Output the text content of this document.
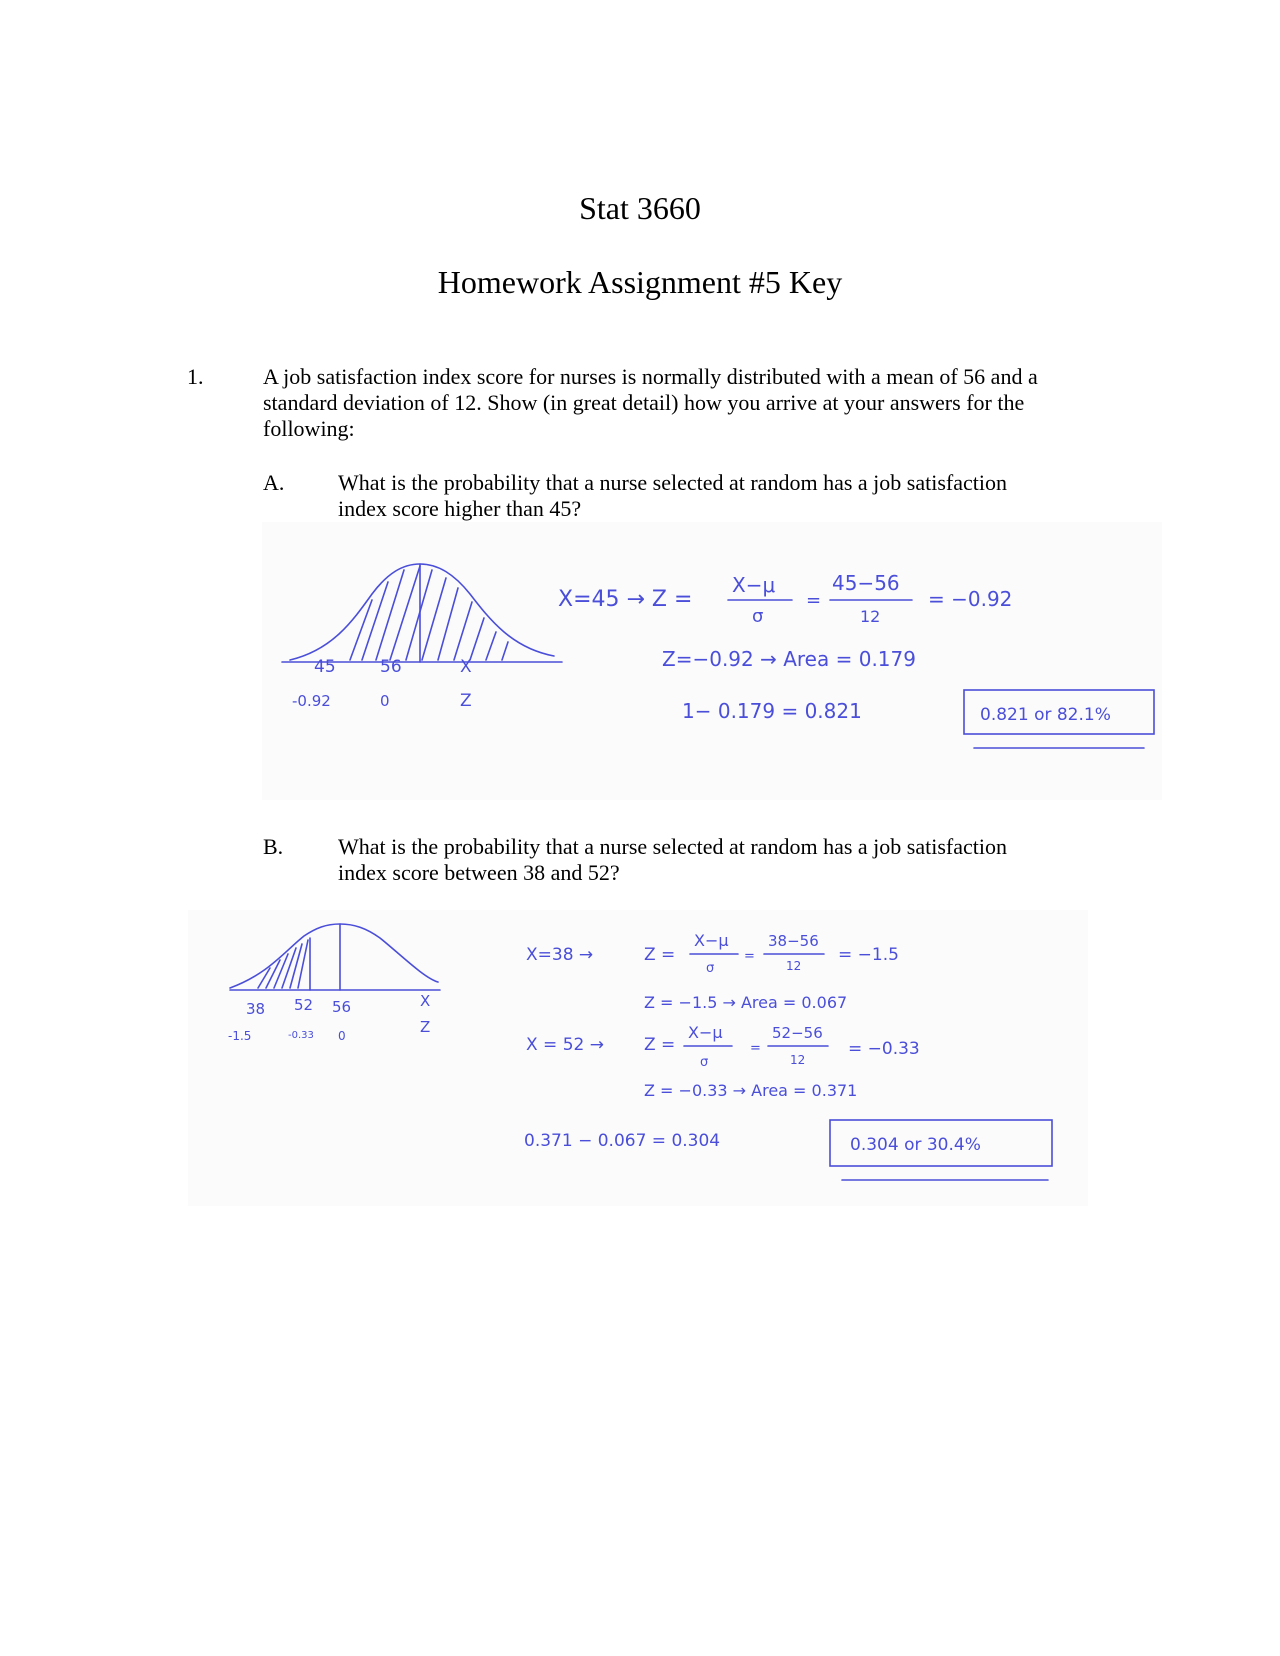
Stat 3660
Homework Assignment #5 Key
1.	A job satisfaction index score for nurses is normally distributed with a mean of 56 and a standard deviation of 12. Show (in great detail) how you arrive at your answers for the following:
A. What is the probability that a nurse selected at random has a job satisfaction index score higher than 45?
45	56	X
-0.92	0	Z
X=45 → Z =
X−μ
σ
=
45−56
12
= −0.92
Z=−0.92 → Area = 0.179
1− 0.179 = 0.821	0.821 or 82.1%
B. What is the probability that a nurse selected at random has a job satisfaction index score between 38 and 52?
38 52 56	X
-1.5	-0.33 0	Z
X=38 →	Z =
X−μ
σ
=
38−56
12
= −1.5
Z = −1.5 → Area = 0.067
X = 52 → Z =
X−μ
σ
=
52−56
12
= −0.33
Z = −0.33 → Area = 0.371
0.371 − 0.067 = 0.304	0.304 or 30.4%
